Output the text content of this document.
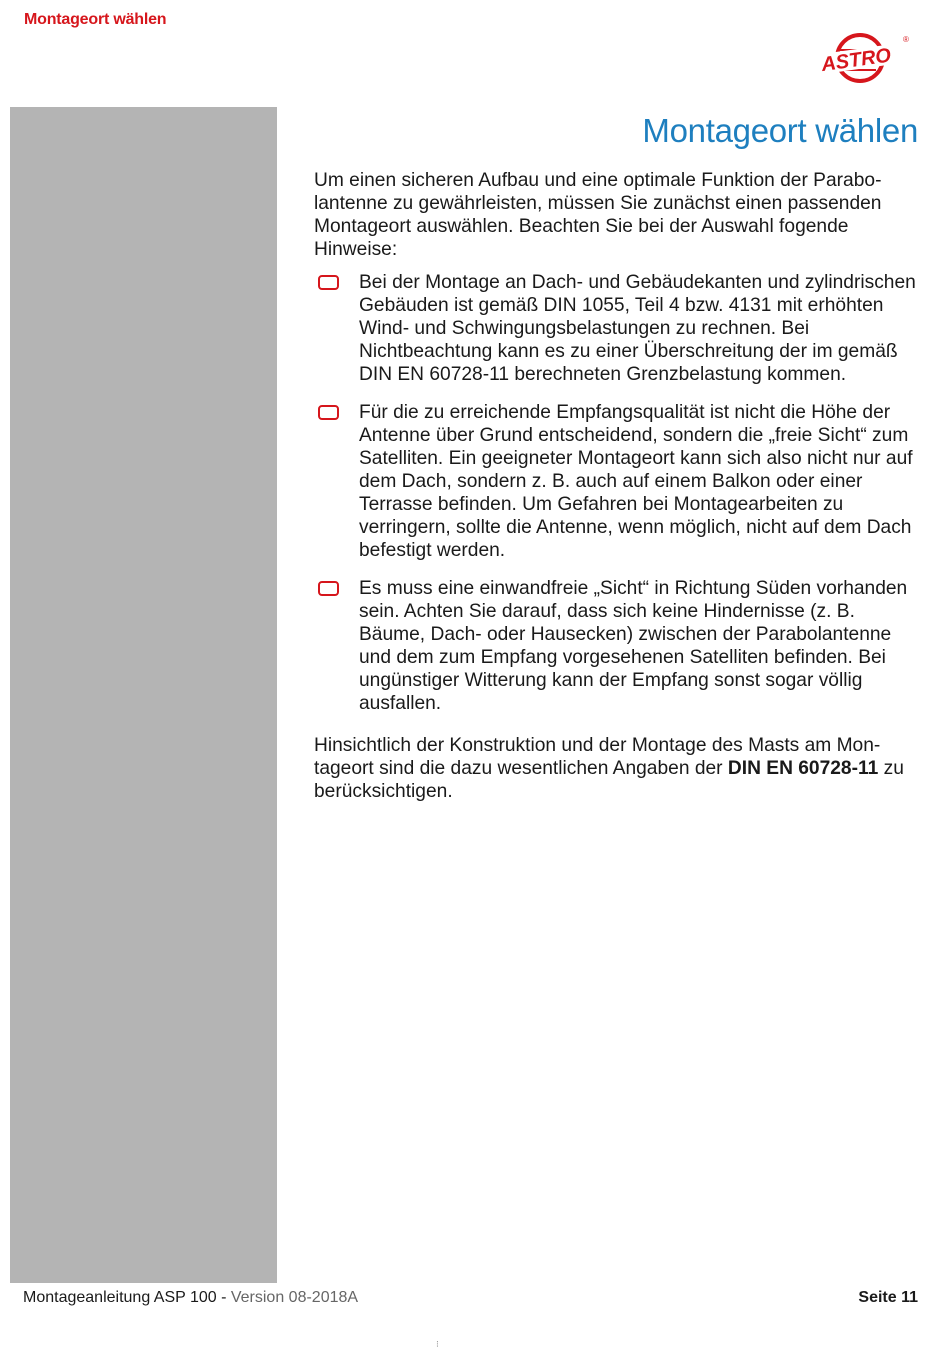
Montageort wählen
ASTRO
®
Montageort wählen

Um einen sicheren Aufbau und eine optimale Funktion der Parabolantenne zu gewährleisten, müssen Sie zunächst einen passenden Montageort auswählen. Beachten Sie bei der Auswahl fogende Hinweise:

Bei der Montage an Dach- und Gebäudekanten und zylindrischen Gebäuden ist gemäß DIN 1055, Teil 4 bzw. 4131 mit erhöhten Wind- und Schwingungsbelastungen zu rechnen. Bei Nichtbeachtung kann es zu einer Überschreitung der im gemäß DIN EN 60728-11 berechneten Grenzbelastung kommen.
Für die zu erreichende Empfangsqualität ist nicht die Höhe der Antenne über Grund entscheidend, sondern die „freie Sicht“ zum Satelliten. Ein geeigneter Montageort kann sich also nicht nur auf dem Dach, sondern z. B. auch auf einem Balkon oder einer Terrasse befinden. Um Gefahren bei Montagearbeiten zu verringern, sollte die Antenne, wenn möglich, nicht auf dem Dach befestigt werden.
Es muss eine einwandfreie „Sicht“ in Richtung Süden vorhanden sein. Achten Sie darauf, dass sich keine Hindernisse (z. B. Bäume, Dach- oder Hausecken) zwischen der Parabolantenne und dem zum Empfang vorgesehenen Satelliten befinden. Bei ungünstiger Witterung kann der Empfang sonst sogar völlig ausfallen.

Hinsichtlich der Konstruktion und der Montage des Masts am Montageort sind die dazu wesentlichen Angaben der DIN EN 60728-11 zu berücksichtigen.

Montageanleitung ASP 100 - Version 08-2018A	Seite 11
⁝
